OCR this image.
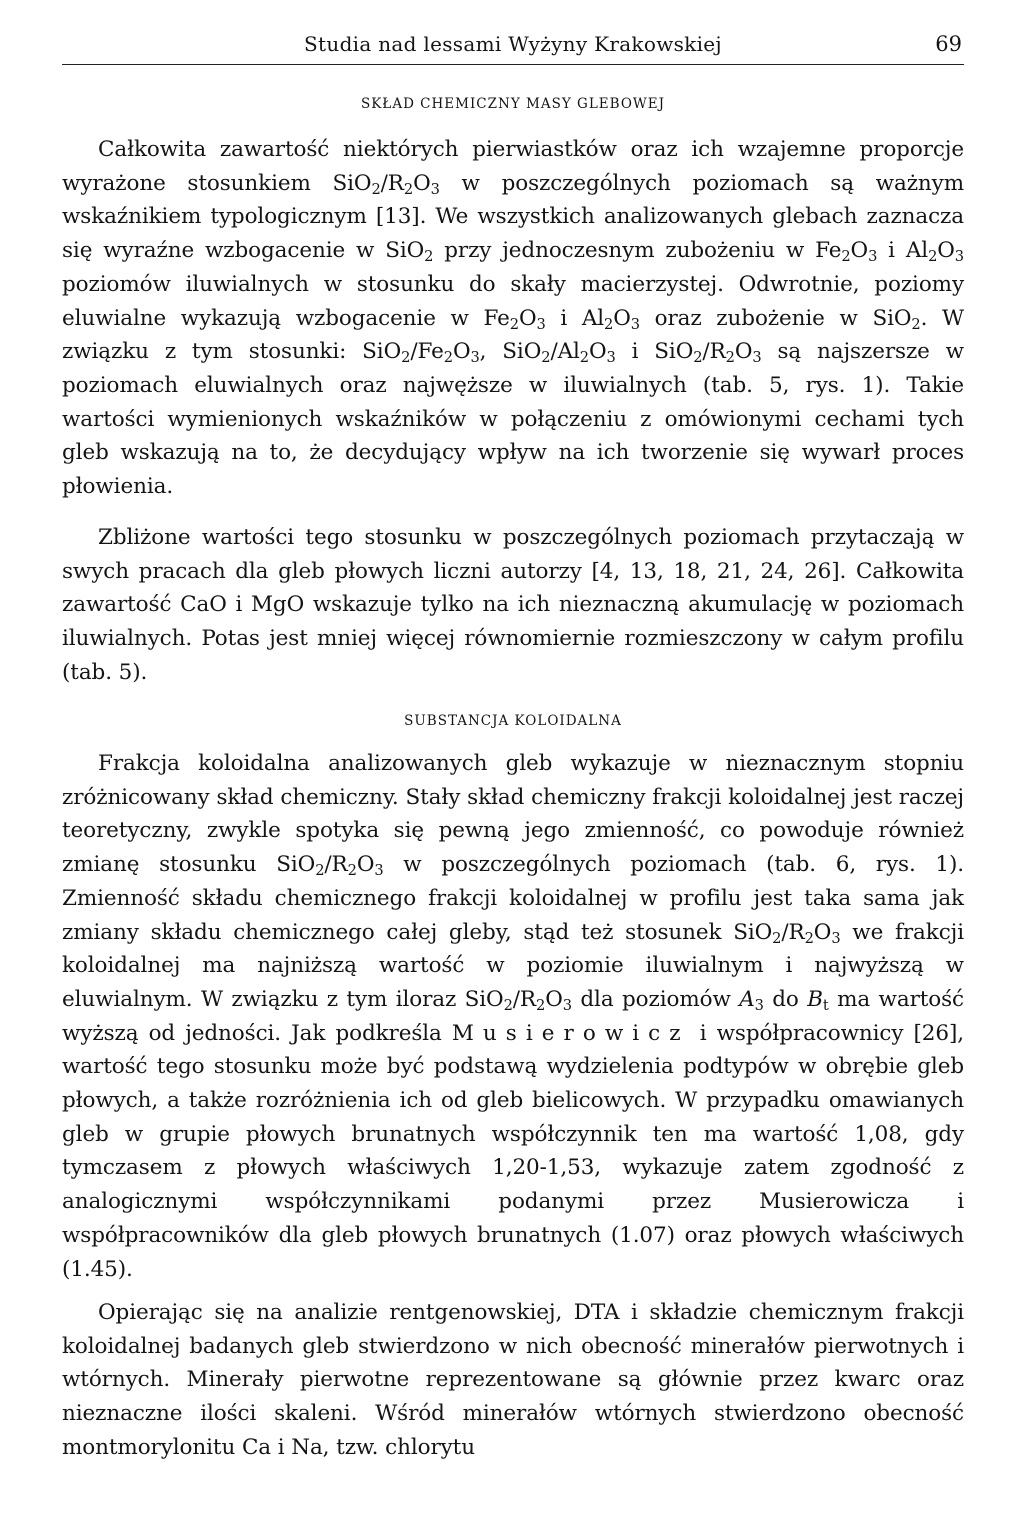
Studia nad lessami Wyżyny Krakowskiej	69
SKŁAD CHEMICZNY MASY GLEBOWEJ

Całkowita zawartość niektórych pierwiastków oraz ich wzajemne proporcje wyrażone stosunkiem $SiO_2/R_2O_3$ w poszczególnych poziomach są ważnym wskaźnikiem typologicznym [13]. We wszystkich analizowanych glebach zaznacza się wyraźne wzbogacenie w SiO$_2$ przy jednoczesnym zubożeniu w $Fe_2O_3$ i $Al_2O_3$ poziomów iluwialnych w stosunku do skały macierzystej. Odwrotnie, poziomy eluwialne wykazują wzbogacenie w $Fe_2O_3$ i $Al_2O_3$ oraz zubożenie w SiO$_2$. W związku z tym stosunki: $SiO_2/Fe_2O_3$, $SiO_2/Al_2O_3$ i $SiO_2/R_2O_3$ są najszersze w poziomach eluwialnych oraz najwęższe w iluwialnych (tab. 5, rys. 1). Takie wartości wymienionych wskaźników w połączeniu z omówionymi cechami tych gleb wskazują na to, że decydujący wpływ na ich tworzenie się wywarł proces płowienia.

Zbliżone wartości tego stosunku w poszczególnych poziomach przytaczają w swych pracach dla gleb płowych liczni autorzy [4, 13, 18, 21, 24, 26]. Całkowita zawartość CaO i MgO wskazuje tylko na ich nieznaczną akumulację w poziomach iluwialnych. Potas jest mniej więcej równomiernie rozmieszczony w całym profilu (tab. 5).

SUBSTANCJA KOLOIDALNA

Frakcja koloidalna analizowanych gleb wykazuje w nieznacznym stopniu zróżnicowany skład chemiczny. Stały skład chemiczny frakcji koloidalnej jest raczej teoretyczny, zwykle spotyka się pewną jego zmienność, co powoduje również zmianę stosunku $SiO_2/R_2O_3$ w poszczególnych poziomach (tab. 6, rys. 1). Zmienność składu chemicznego frakcji koloidalnej w profilu jest taka sama jak zmiany składu chemicznego całej gleby, stąd też stosunek $SiO_2/R_2O_3$ we frakcji koloidalnej ma najniższą wartość w poziomie iluwialnym i najwyższą w eluwialnym. W związku z tym iloraz $SiO_2/R_2O_3$ dla poziomów $A_3$ do $B_t$ ma wartość wyższą od jedności. Jak podkreśla Musierowicz i współpracownicy [26], wartość tego stosunku może być podstawą wydzielenia podtypów w obrębie gleb płowych, a także rozróżnienia ich od gleb bielicowych. W przypadku omawianych gleb w grupie płowych brunatnych współczynnik ten ma wartość 1,08, gdy tymczasem z płowych właściwych 1,20-1,53, wykazuje zatem zgodność z analogicznymi współczynnikami podanymi przez Musierowicza i współpracowników dla gleb płowych brunatnych (1.07) oraz płowych właściwych (1.45).

Opierając się na analizie rentgenowskiej, DTA i składzie chemicznym frakcji koloidalnej badanych gleb stwierdzono w nich obecność minerałów pierwotnych i wtórnych. Minerały pierwotne reprezentowane są głównie przez kwarc oraz nieznaczne ilości skaleni. Wśród minerałów wtórnych stwierdzono obecność montmorylonitu Ca i Na, tzw. chlorytu
